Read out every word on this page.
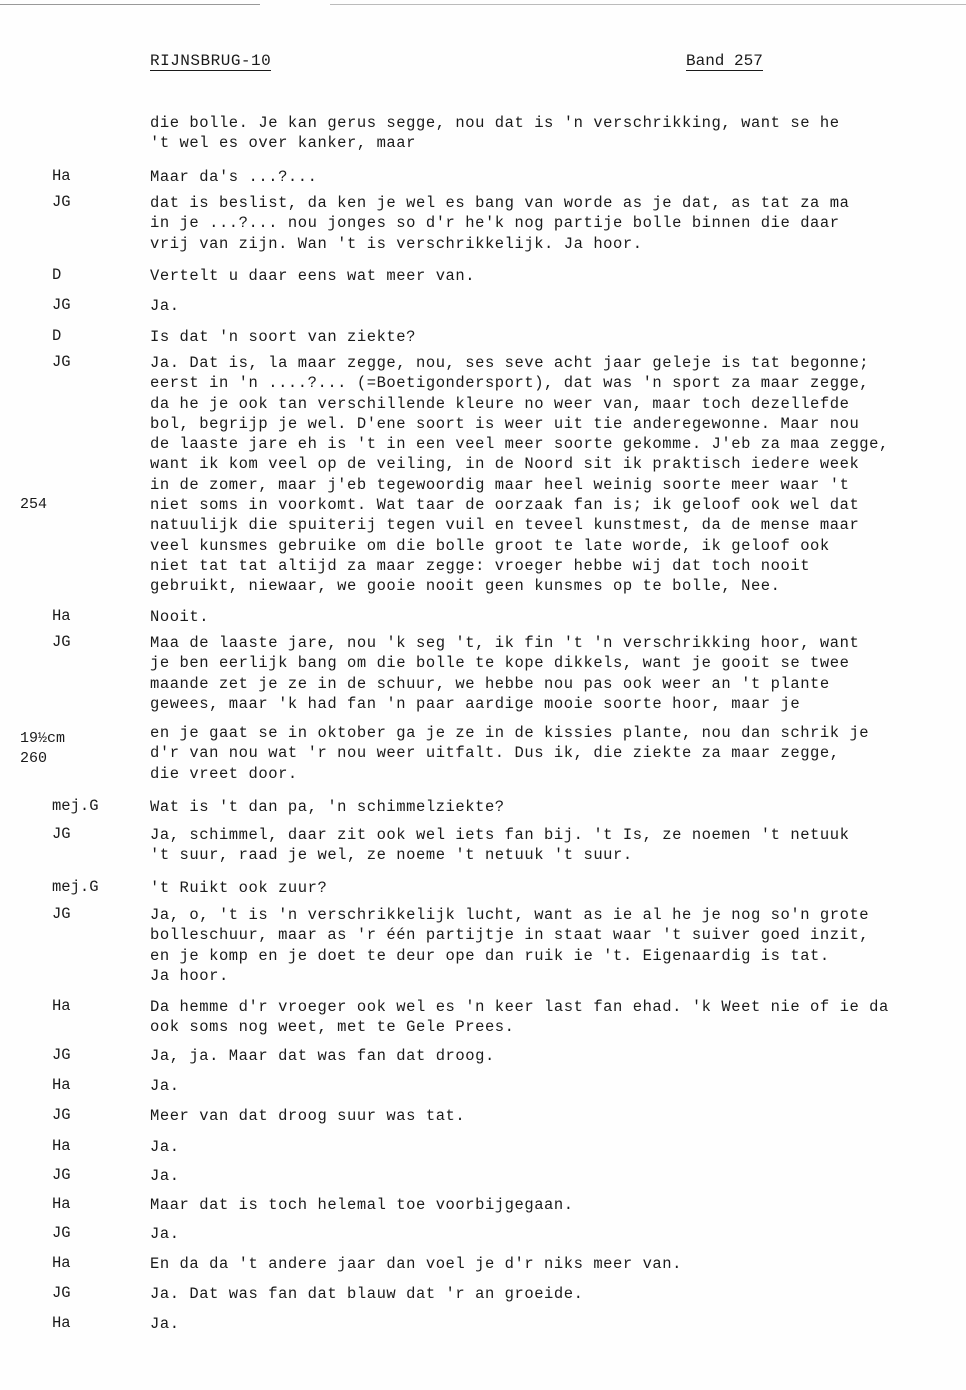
RIJNSBRUG-10	Band 257
die bolle. Je kan gerus segge, nou dat is 'n verschrikking, want se he
't wel es over kanker, maar
Ha	Maar da's ...?...
JG	dat is beslist, da ken je wel es bang van worde as je dat, as tat za ma
in je ...?... nou jonges so d'r he'k nog partije bolle binnen die daar
vrij van zijn. Wan 't is verschrikkelijk. Ja hoor.
D	Vertelt u daar eens wat meer van.
JG	Ja.
D	Is dat 'n soort van ziekte?
JG	Ja. Dat is, la maar zegge, nou, ses seve acht jaar geleje is tat begonne;
eerst in 'n ....?... (=Boetigondersport), dat was 'n sport za maar zegge,
da he je ook tan verschillende kleure no weer van, maar toch dezellefde
bol, begrijp je wel. D'ene soort is weer uit tie anderegewonne. Maar nou
de laaste jare eh is 't in een veel meer soorte gekomme. J'eb za maa zegge,
want ik kom veel op de veiling, in de Noord sit ik praktisch iedere week
in de zomer, maar j'eb tegewoordig maar heel weinig soorte meer waar 't
niet soms in voorkomt. Wat taar de oorzaak fan is; ik geloof ook wel dat
natuulijk die spuiterij tegen vuil en teveel kunstmest, da de mense maar
veel kunsmes gebruike om die bolle groot te late worde, ik geloof ook
niet tat tat altijd za maar zegge: vroeger hebbe wij dat toch nooit
gebruikt, niewaar, we gooie nooit geen kunsmes op te bolle, Nee.
Ha	Nooit.
JG	Maa de laaste jare, nou 'k seg 't, ik fin 't 'n verschrikking hoor, want
je ben eerlijk bang om die bolle te kope dikkels, want je gooit se twee
maande zet je ze in de schuur, we hebbe nou pas ook weer an 't plante
gewees, maar 'k had fan 'n paar aardige mooie soorte hoor, maar je
en je gaat se in oktober ga je ze in de kissies plante, nou dan schrik je
d'r van nou wat 'r nou weer uitfalt. Dus ik, die ziekte za maar zegge,
die vreet door.
mej.G	Wat is 't dan pa, 'n schimmelziekte?
JG	Ja, schimmel, daar zit ook wel iets fan bij. 't Is, ze noemen 't netuuk
't suur, raad je wel, ze noeme 't netuuk 't suur.
mej.G	't Ruikt ook zuur?
JG	Ja, o, 't is 'n verschrikkelijk lucht, want as ie al he je nog so'n grote
bolleschuur, maar as 'r één partijtje in staat waar 't suiver goed inzit,
en je komp en je doet te deur ope dan ruik ie 't. Eigenaardig is tat.
Ja hoor.
Ha	Da hemme d'r vroeger ook wel es 'n keer last fan ehad. 'k Weet nie of ie da
ook soms nog weet, met te Gele Prees.
JG	Ja, ja. Maar dat was fan dat droog.
Ha	Ja.
JG	Meer van dat droog suur was tat.
Ha	Ja.
JG	Ja.
Ha	Maar dat is toch helemal toe voorbijgegaan.
JG	Ja.
Ha	En da da 't andere jaar dan voel je d'r niks meer van.
JG	Ja. Dat was fan dat blauw dat 'r an groeide.
Ha	Ja.
254
19½cm
260
